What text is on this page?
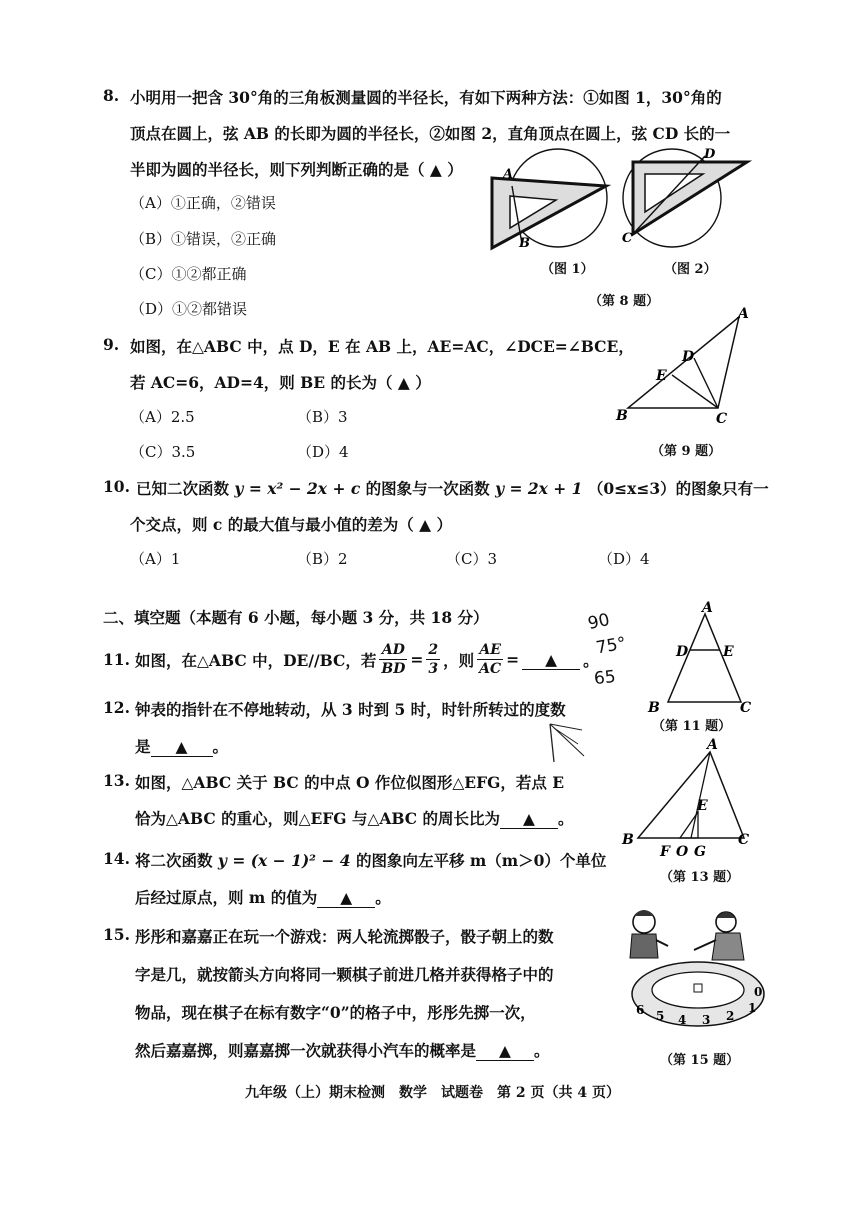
8. 小明用一把含 30°角的三角板测量圆的半径长，有如下两种方法：①如图 1，30°角的
顶点在圆上，弦 AB 的长即为圆的半径长，②如图 2，直角顶点在圆上，弦 CD 长的一
半即为圆的半径长，则下列判断正确的是（ ▲ ）
（A）①正确，②错误
（B）①错误，②正确
（C）①②都正确
（D）①②都错误
A
B
（图 1）
D
C
（图 2）
（第 8 题）
9. 如图，在△ABC 中，点 D，E 在 AB 上，AE=AC，∠DCE=∠BCE，
若 AC=6，AD=4，则 BE 的长为（ ▲ ）
（A）2.5	（B）3
（C）3.5	（D）4
A
D
E
B	C
（第 9 题）
10. 已知二次函数 y = x² − 2x + c 的图象与一次函数 y = 2x + 1 （0≤x≤3）的图象只有一
个交点，则 c 的最大值与最小值的差为（ ▲ ）
（A）1	（B）2	（C）3	（D）4
二、填空题（本题有 6 小题，每小题 3 分，共 18 分）
11. 如图，在△ABC 中，DE//BC，若 $\frac{AD}{BD} = \frac{2}{3}$ ，则 $\frac{AE}{AC}$ =	▲	。
A
D E
B	C
（第 11 题）
90
75°
65
12. 钟表的指针在不停地转动，从 3 时到 5 时，时针所转过的度数
是 ▲ 。
13. 如图，△ABC 关于 BC 的中点 O 作位似图形△EFG，若点 E
恰为△ABC 的重心，则△EFG 与△ABC 的周长比为 ▲ 。
A
E
B	C
F O G
（第 13 题）
14. 将二次函数 y = (x − 1)² − 4 的图象向左平移 m（m＞0）个单位
后经过原点，则 m 的值为 ▲ 。
15. 彤彤和嘉嘉正在玩一个游戏：两人轮流掷骰子，骰子朝上的数
字是几，就按箭头方向将同一颗棋子前进几格并获得格子中的
物品，现在棋子在标有数字“0”的格子中，彤彤先掷一次，
然后嘉嘉掷，则嘉嘉掷一次就获得小汽车的概率是 ▲ 。
6 5 4 3 2
1
0
（第 15 题）
九年级（上）期末检测　数学　试题卷　第 2 页（共 4 页）
